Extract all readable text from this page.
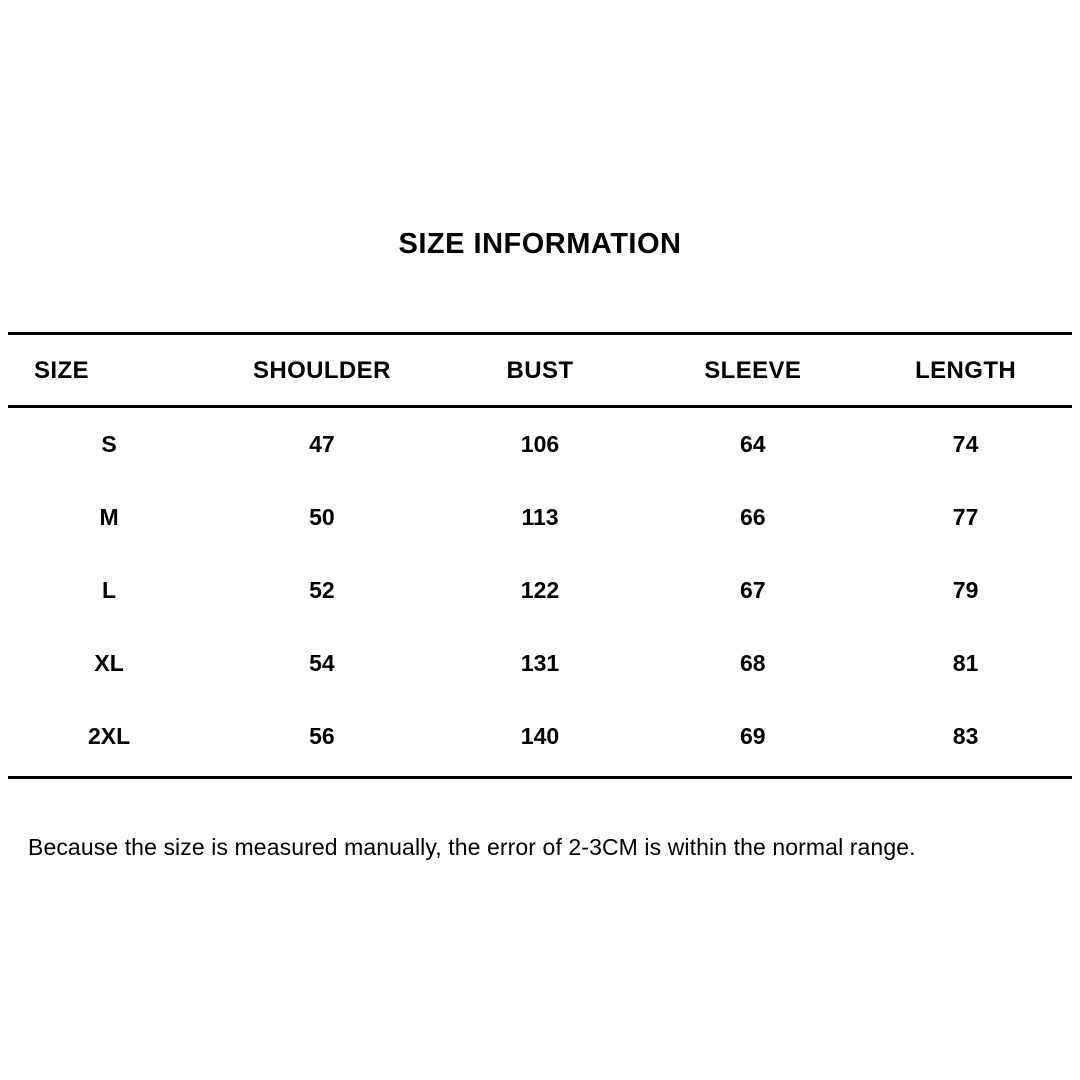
SIZE INFORMATION
SIZE	SHOULDER	BUST	SLEEVE	LENGTH
S	47	106	64	74
M	50	113	66	77
L	52	122	67	79
XL	54	131	68	81
2XL	56	140	69	83
Because the size is measured manually, the error of 2-3CM is within the normal range.
